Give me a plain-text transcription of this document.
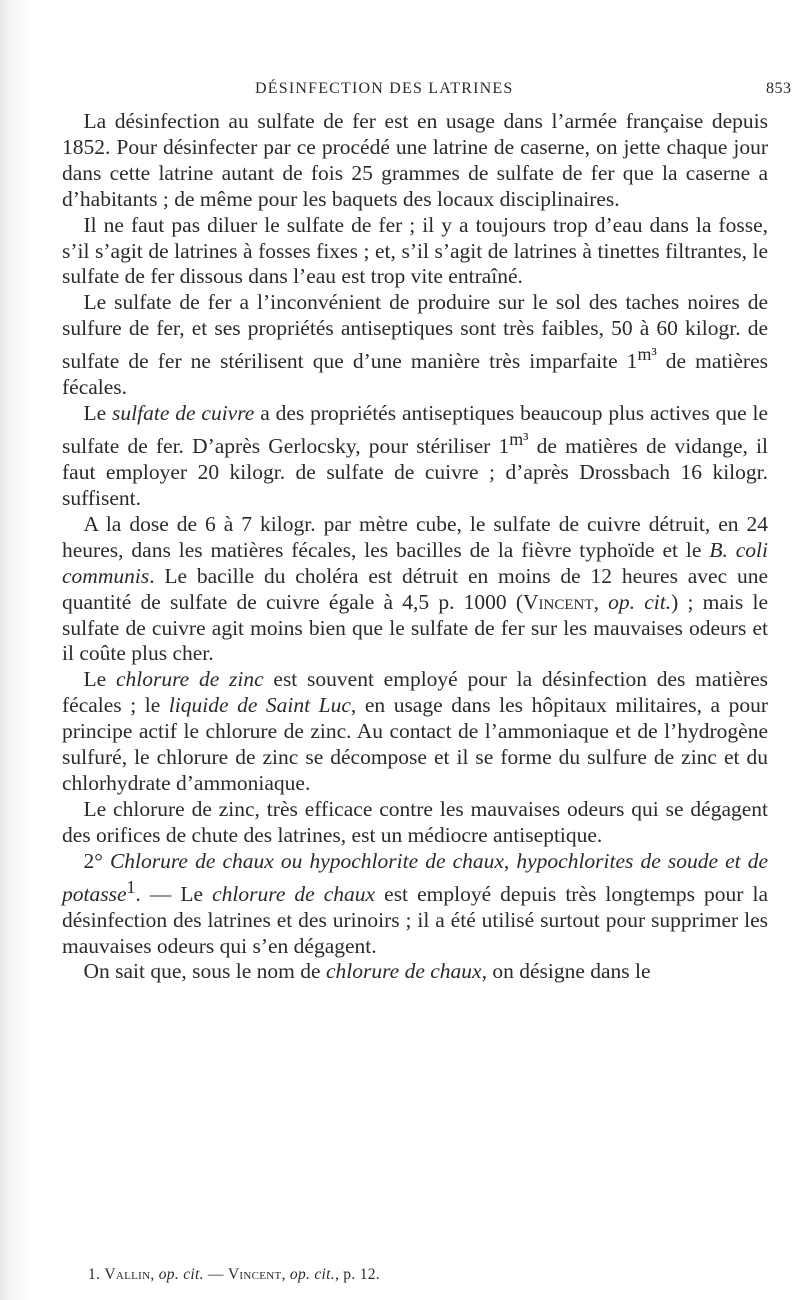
DÉSINFECTION DES LATRINES	853

La désinfection au sulfate de fer est en usage dans l’armée française depuis 1852. Pour désinfecter par ce procédé une latrine de caserne, on jette chaque jour dans cette latrine autant de fois 25 grammes de sulfate de fer que la caserne a d’habitants ; de même pour les baquets des locaux disciplinaires.

Il ne faut pas diluer le sulfate de fer ; il y a toujours trop d’eau dans la fosse, s’il s’agit de latrines à fosses fixes ; et, s’il s’agit de latrines à tinettes filtrantes, le sulfate de fer dissous dans l’eau est trop vite entraîné.

Le sulfate de fer a l’inconvénient de produire sur le sol des taches noires de sulfure de fer, et ses propriétés antiseptiques sont très faibles, 50 à 60 kilogr. de sulfate de fer ne stérilisent que d’une manière très imparfaite $1^{m^3}$ de matières fécales.

Le sulfate de cuivre a des propriétés antiseptiques beaucoup plus actives que le sulfate de fer. D’après Gerlocsky, pour stériliser $1^{m^3}$ de matières de vidange, il faut employer 20 kilogr. de sulfate de cuivre ; d’après Drossbach 16 kilogr. suffisent.

A la dose de 6 à 7 kilogr. par mètre cube, le sulfate de cuivre détruit, en 24 heures, dans les matières fécales, les bacilles de la fièvre typhoïde et le B. coli communis. Le bacille du choléra est détruit en moins de 12 heures avec une quantité de sulfate de cuivre égale à 4,5 p. 1000 (Vincent, op. cit.) ; mais le sulfate de cuivre agit moins bien que le sulfate de fer sur les mauvaises odeurs et il coûte plus cher.

Le chlorure de zinc est souvent employé pour la désinfection des matières fécales ; le liquide de Saint Luc, en usage dans les hôpitaux militaires, a pour principe actif le chlorure de zinc. Au contact de l’ammoniaque et de l’hydrogène sulfuré, le chlorure de zinc se décompose et il se forme du sulfure de zinc et du chlorhydrate d’ammoniaque.

Le chlorure de zinc, très efficace contre les mauvaises odeurs qui se dégagent des orifices de chute des latrines, est un médiocre antiseptique.

2° Chlorure de chaux ou hypochlorite de chaux, hypochlorites de soude et de potasse$^1$. — Le chlorure de chaux est employé depuis très longtemps pour la désinfection des latrines et des urinoirs ; il a été utilisé surtout pour supprimer les mauvaises odeurs qui s’en dégagent.

On sait que, sous le nom de chlorure de chaux, on désigne dans le

1. Vallin, op. cit. — Vincent, op. cit., p. 12.
